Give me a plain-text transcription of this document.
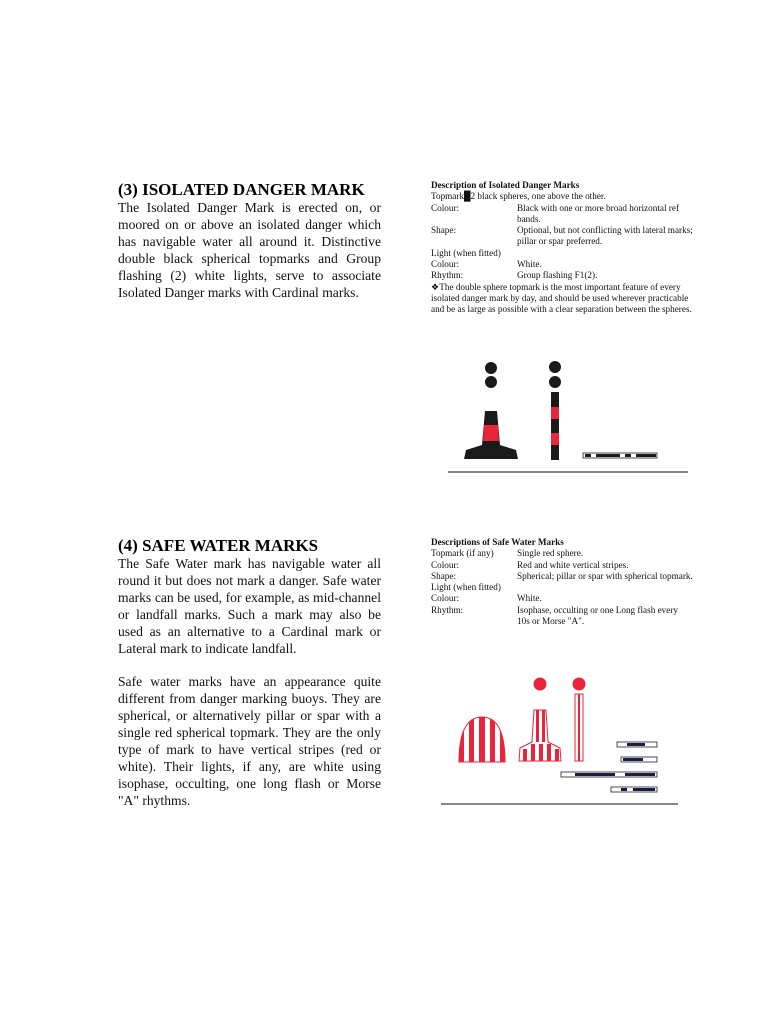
(3) ISOLATED DANGER MARK

The Isolated Danger Mark is erected on, or moored on or above an isolated danger which has navigable water all around it. Distinctive double black spherical topmarks and Group flashing (2) white lights, serve to associate Isolated Danger marks with Cardinal marks.

Description of Isolated Danger Marks
Topmark█2 black spheres, one above the other.
Colour:	Black with one or more broad horizontal ref bands.
Shape:	Optional, but not conflicting with lateral marks; pillar or spar preferred.
Light (when fitted)
Colour:	White.
Rhythm:	Group flashing F1(2).
❖The double sphere topmark is the most important feature of every isolated danger mark by day, and should be used wherever practicable and be as large as possible with a clear separation between the spheres.
(4) SAFE WATER MARKS

The Safe Water mark has navigable water all round it but does not mark a danger. Safe water marks can be used, for example, as mid-channel or landfall marks. Such a mark may also be used as an alternative to a Cardinal mark or Lateral mark to indicate landfall.

Safe water marks have an appearance quite different from danger marking buoys. They are spherical, or alternatively pillar or spar with a single red spherical topmark. They are the only type of mark to have vertical stripes (red or white). Their lights, if any, are white using isophase, occulting, one long flash or Morse "A" rhythms.

Descriptions of Safe Water Marks
Topmark (if any)	Single red sphere.
Colour:	Red and white vertical stripes.
Shape:	Spherical; pillar or spar with spherical topmark.
Light (when fitted)
Colour:	White.
Rhythm:	Isophase, occulting or one Long flash every 10s or Morse "A".
